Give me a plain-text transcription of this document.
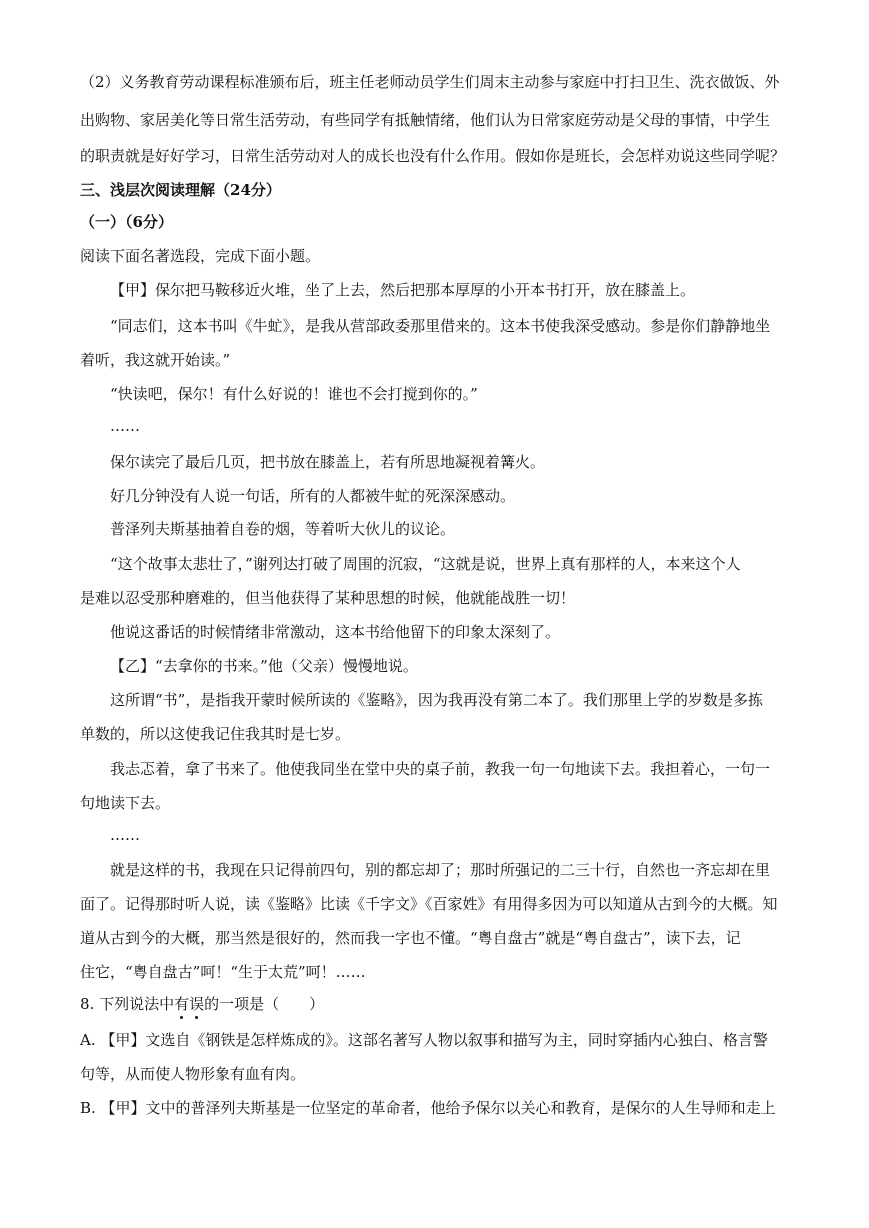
（2）义务教育劳动课程标准颁布后，班主任老师动员学生们周末主动参与家庭中打扫卫生、洗衣做饭、外
出购物、家居美化等日常生活劳动，有些同学有抵触情绪，他们认为日常家庭劳动是父母的事情，中学生
的职责就是好好学习，日常生活劳动对人的成长也没有什么作用。假如你是班长，会怎样劝说这些同学呢？
三、浅层次阅读理解（24分）
（一）（6分）
阅读下面名著选段，完成下面小题。
【甲】保尔把马鞍移近火堆，坐了上去，然后把那本厚厚的小开本书打开，放在膝盖上。
“同志们，这本书叫《牛虻》，是我从营部政委那里借来的。这本书使我深受感动。参是你们静静地坐
着听，我这就开始读。”
“快读吧，保尔！有什么好说的！谁也不会打搅到你的。”
……
保尔读完了最后几页，把书放在膝盖上，若有所思地凝视着篝火。
好几分钟没有人说一句话，所有的人都被牛虻的死深深感动。
普泽列夫斯基抽着自卷的烟，等着听大伙儿的议论。
“这个故事太悲壮了，”谢列达打破了周围的沉寂，“这就是说，世界上真有那样的人，本来这个人
是难以忍受那种磨难的，但当他获得了某种思想的时候，他就能战胜一切！
他说这番话的时候情绪非常激动，这本书给他留下的印象太深刻了。
【乙】“去拿你的书来。”他（父亲）慢慢地说。
这所谓“书”，是指我开蒙时候所读的《鉴略》，因为我再没有第二本了。我们那里上学的岁数是多拣
单数的，所以这使我记住我其时是七岁。
我忐忑着，拿了书来了。他使我同坐在堂中央的桌子前，教我一句一句地读下去。我担着心，一句一
句地读下去。
……
就是这样的书，我现在只记得前四句，别的都忘却了；那时所强记的二三十行，自然也一齐忘却在里
面了。记得那时听人说，读《鉴略》比读《千字文》《百家姓》有用得多因为可以知道从古到今的大概。知
道从古到今的大概，那当然是很好的，然而我一字也不懂。“粤自盘古”就是“粤自盘古”，读下去，记
住它，“粤自盘古”呵！“生于太荒”呵！……
8. 下列说法中有误的一项是（　　）
A. 【甲】文选自《钢铁是怎样炼成的》。这部名著写人物以叙事和描写为主，同时穿插内心独白、格言警
句等，从而使人物形象有血有肉。
B. 【甲】文中的普泽列夫斯基是一位坚定的革命者，他给予保尔以关心和教育，是保尔的人生导师和走上
